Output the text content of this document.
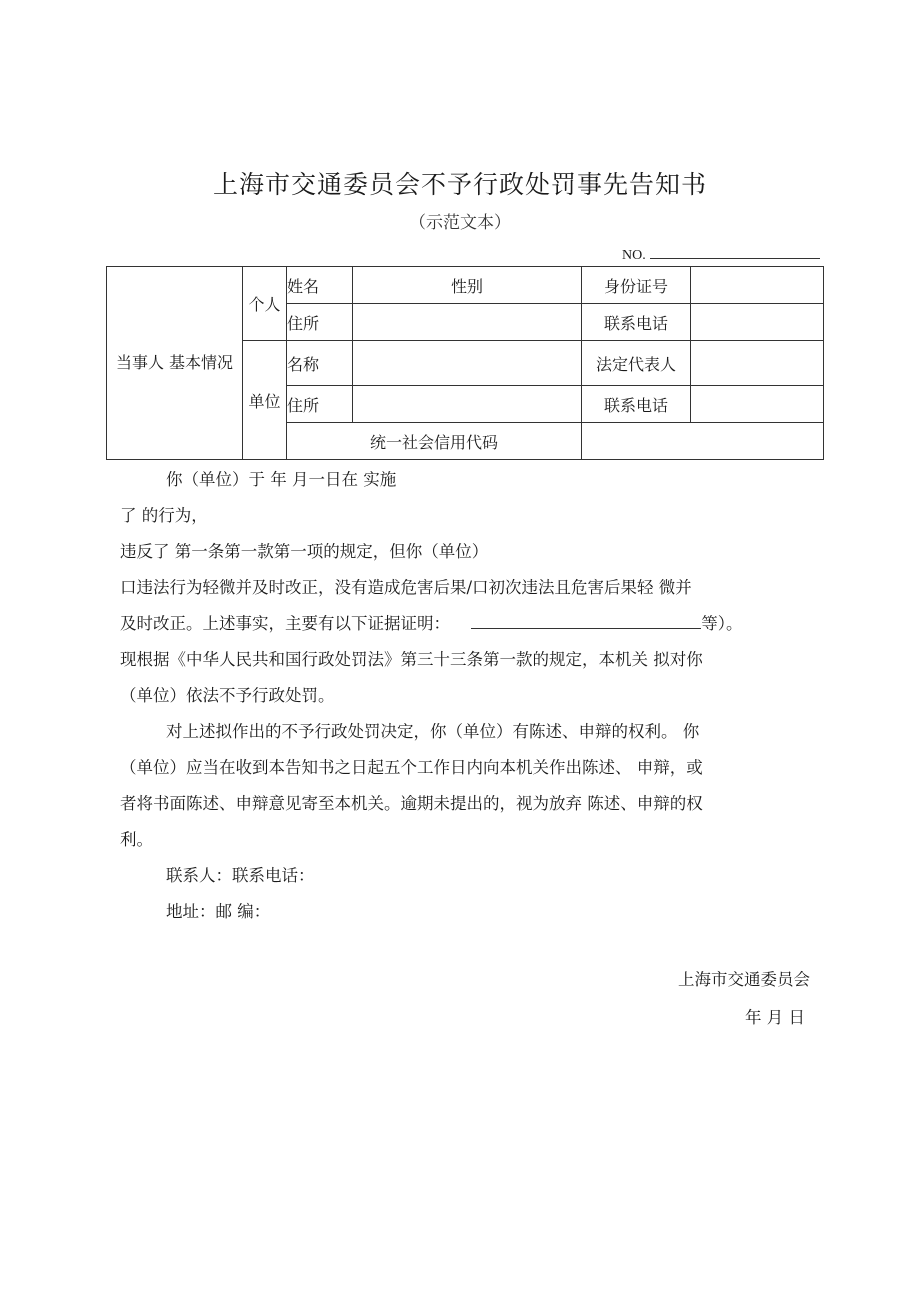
上海市交通委员会不予行政处罚事先告知书
（示范文本）
NO.
当事人 基本情况	个人	姓名	性别	身份证号	
		住所		联系电话	
	单位	名称		法定代表人	
		住所		联系电话	
		统一社会信用代码			
你（单位）于 年 月一日在 实施
了 的行为，
违反了 第一条第一款第一项的规定，但你（单位）
口违法行为轻微并及时改正，没有造成危害后果/口初次违法且危害后果轻 微并
及时改正。上述事实，主要有以下证据证明：	等）。
现根据《中华人民共和国行政处罚法》第三十三条第一款的规定，本机关 拟对你
（单位）依法不予行政处罚。
对上述拟作出的不予行政处罚决定，你（单位）有陈述、申辩的权利。 你
（单位）应当在收到本告知书之日起五个工作日内向本机关作出陈述、 申辩，或
者将书面陈述、申辩意见寄至本机关。逾期未提出的，视为放弃 陈述、申辩的权
利。
联系人：联系电话：
地址：邮 编：
上海市交通委员会
年 月 日
